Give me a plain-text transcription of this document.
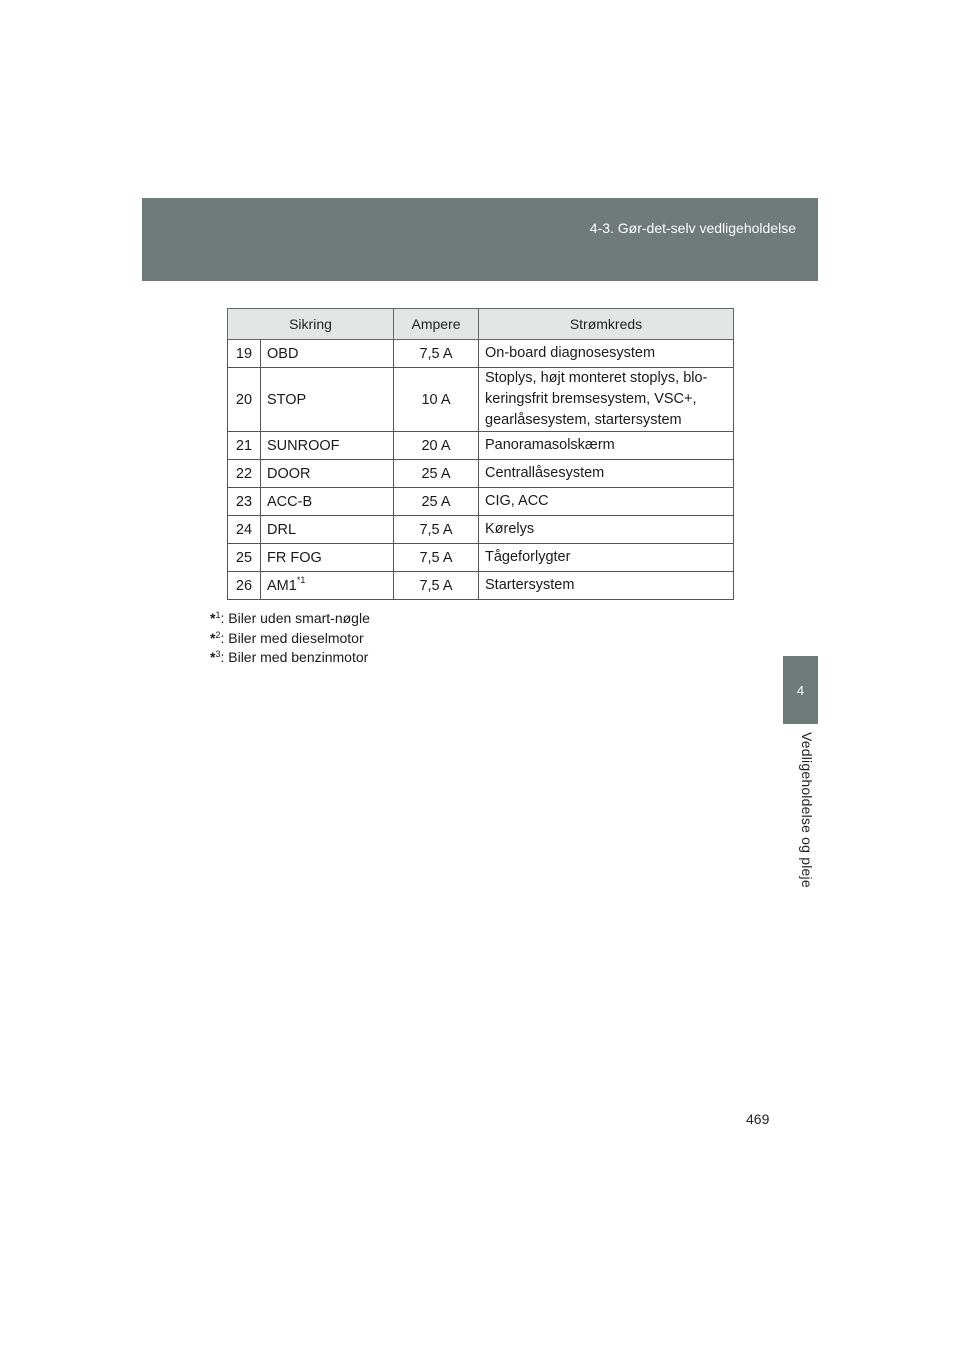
4-3. Gør-det-selv vedligeholdelse
4
Vedligeholdelse og pleje
Sikring		Ampere	Strømkreds
19	OBD	7,5 A	On-board diagnosesystem
20	STOP	10 A	Stoplys, højt monteret stoplys, blo-
keringsfrit bremsesystem, VSC+,
gearlåsesystem, startersystem
21	SUNROOF	20 A	Panoramasolskærm
22	DOOR	25 A	Centrallåsesystem
23	ACC-B	25 A	CIG, ACC
24	DRL	7,5 A	Kørelys
25	FR FOG	7,5 A	Tågeforlygter
26	AM1$^{*1}$	7,5 A	Startersystem
*$^1$: Biler uden smart-nøgle
*$^2$: Biler med dieselmotor
*$^3$: Biler med benzinmotor
469
